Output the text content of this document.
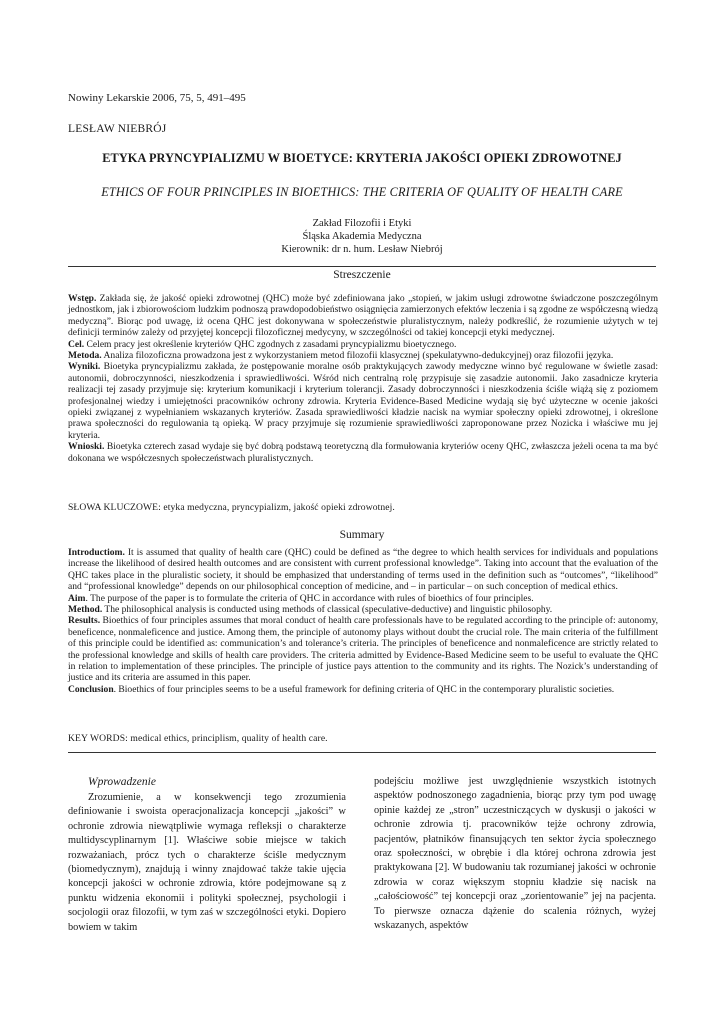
Nowiny Lekarskie 2006, 75, 5, 491–495
LESŁAW NIEBRÓJ
ETYKA PRYNCYPIALIZMU W BIOETYCE: KRYTERIA JAKOŚCI OPIEKI ZDROWOTNEJ
ETHICS OF FOUR PRINCIPLES IN BIOETHICS: THE CRITERIA OF QUALITY OF HEALTH CARE
Zakład Filozofii i Etyki
Śląska Akademia Medyczna
Kierownik: dr n. hum. Lesław Niebrój
Streszczenie

Wstęp. Zakłada się, że jakość opieki zdrowotnej (QHC) może być zdefiniowana jako „stopień, w jakim usługi zdrowotne świadczone poszczególnym jednostkom, jak i zbiorowościom ludzkim podnoszą prawdopodobieństwo osiągnięcia zamierzonych efektów leczenia i są zgodne ze współczesną wiedzą medyczną”. Biorąc pod uwagę, iż ocena QHC jest dokonywana w społeczeństwie pluralistycznym, należy podkreślić, że rozumienie użytych w tej definicji terminów zależy od przyjętej koncepcji filozoficznej medycyny, w szczególności od takiej koncepcji etyki medycznej.

Cel. Celem pracy jest określenie kryteriów QHC zgodnych z zasadami pryncypializmu bioetycznego.

Metoda. Analiza filozoficzna prowadzona jest z wykorzystaniem metod filozofii klasycznej (spekulatywno-dedukcyjnej) oraz filozofii języka.

Wyniki. Bioetyka pryncypializmu zakłada, że postępowanie moralne osób praktykujących zawody medyczne winno być regulowane w świetle zasad: autonomii, dobroczynności, nieszkodzenia i sprawiedliwości. Wśród nich centralną rolę przypisuje się zasadzie autonomii. Jako zasadnicze kryteria realizacji tej zasady przyjmuje się: kryterium komunikacji i kryterium tolerancji. Zasady dobroczynności i nieszkodzenia ściśle wiążą się z poziomem profesjonalnej wiedzy i umiejętności pracowników ochrony zdrowia. Kryteria Evidence-Based Medicine wydają się być użyteczne w ocenie jakości opieki związanej z wypełnianiem wskazanych kryteriów. Zasada sprawiedliwości kładzie nacisk na wymiar społeczny opieki zdrowotnej, i określone prawa społeczności do regulowania tą opieką. W pracy przyjmuje się rozumienie sprawiedliwości zaproponowane przez Nozicka i właściwe mu jej kryteria.

Wnioski. Bioetyka czterech zasad wydaje się być dobrą podstawą teoretyczną dla formułowania kryteriów oceny QHC, zwłaszcza jeżeli ocena ta ma być dokonana we współczesnych społeczeństwach pluralistycznych.

SŁOWA KLUCZOWE: etyka medyczna, pryncypializm, jakość opieki zdrowotnej.
Summary

Introductiom. It is assumed that quality of health care (QHC) could be defined as “the degree to which health services for individuals and populations increase the likelihood of desired health outcomes and are consistent with current professional knowledge”. Taking into account that the evaluation of the QHC takes place in the pluralistic society, it should be emphasized that understanding of terms used in the definition such as “outcomes”, “likelihood” and “professional knowledge” depends on our philosophical conception of medicine, and – in particular – on such conception of medical ethics.

Aim. The purpose of the paper is to formulate the criteria of QHC in accordance with rules of bioethics of four principles.

Method. The philosophical analysis is conducted using methods of classical (speculative-deductive) and linguistic philosophy.

Results. Bioethics of four principles assumes that moral conduct of health care professionals have to be regulated according to the principle of: autonomy, beneficence, nonmaleficence and justice. Among them, the principle of autonomy plays without doubt the crucial role. The main criteria of the fulfillment of this principle could be identified as: communication’s and tolerance’s criteria. The principles of beneficence and nonmaleficence are strictly related to the professional knowledge and skills of health care providers. The criteria admitted by Evidence-Based Medicine seem to be useful to evaluate the QHC in relation to implementation of these principles. The principle of justice pays attention to the community and its rights. The Nozick’s understanding of justice and its criteria are assumed in this paper.

Conclusion. Bioethics of four principles seems to be a useful framework for defining criteria of QHC in the contemporary pluralistic societies.

KEY WORDS: medical ethics, principlism, quality of health care.
Wprowadzenie

Zrozumienie, a w konsekwencji tego zrozumienia definiowanie i swoista operacjonalizacja koncepcji „jakości” w ochronie zdrowia niewątpliwie wymaga refleksji o charakterze multidyscyplinarnym [1]. Właściwe sobie miejsce w takich rozważaniach, prócz tych o charakterze ściśle medycznym (biomedycznym), znajdują i winny znajdować także takie ujęcia koncepcji jakości w ochronie zdrowia, które podejmowane są z punktu widzenia ekonomii i polityki społecznej, psychologii i socjologii oraz filozofii, w tym zaś w szczególności etyki. Dopiero bowiem w takim

podejściu możliwe jest uwzględnienie wszystkich istotnych aspektów podnoszonego zagadnienia, biorąc przy tym pod uwagę opinie każdej ze „stron” uczestniczących w dyskusji o jakości w ochronie zdrowia tj. pracowników tejże ochrony zdrowia, pacjentów, płatników finansujących ten sektor życia społecznego oraz społeczności, w obrębie i dla której ochrona zdrowia jest praktykowana [2]. W budowaniu tak rozumianej jakości w ochronie zdrowia w coraz większym stopniu kładzie się nacisk na „całościowość” tej koncepcji oraz „zorientowanie” jej na pacjenta. To pierwsze oznacza dążenie do scalenia różnych, wyżej wskazanych, aspektów
